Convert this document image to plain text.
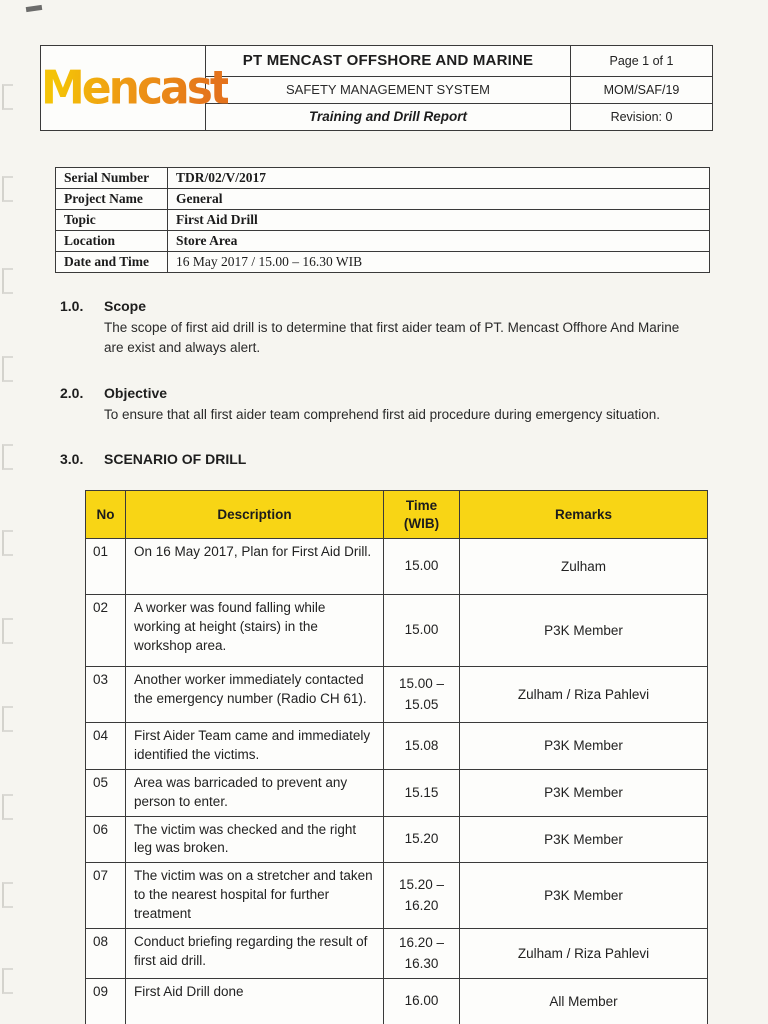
Mencast	PT MENCAST OFFSHORE AND MARINE	Page 1 of 1
	SAFETY MANAGEMENT SYSTEM	MOM/SAF/19
	Training and Drill Report	Revision: 0
Serial Number	TDR/02/V/2017
Project Name	General
Topic	First Aid Drill
Location	Store Area
Date and Time	16 May 2017 / 15.00 – 16.30 WIB
1.0.	Scope

The scope of first aid drill is to determine that first aider team of PT. Mencast Offhore And Marine are exist and always alert.

2.0.	Objective

To ensure that all first aider team comprehend first aid procedure during emergency situation.

3.0.	SCENARIO OF DRILL
No	Description	Time (WIB)	Remarks
01	On 16 May 2017, Plan for First Aid Drill.	15.00	Zulham
02	A worker was found falling while working at height (stairs) in the workshop area.	15.00	P3K Member
03	Another worker immediately contacted the emergency number (Radio CH 61).	15.00 – 15.05	Zulham / Riza Pahlevi
04	First Aider Team came and immediately identified the victims.	15.08	P3K Member
05	Area was barricaded to prevent any person to enter.	15.15	P3K Member
06	The victim was checked and the right leg was broken.	15.20	P3K Member
07	The victim was on a stretcher and taken to the nearest hospital for further treatment	15.20 – 16.20	P3K Member
08	Conduct briefing regarding the result of first aid drill.	16.20 – 16.30	Zulham / Riza Pahlevi
09	First Aid Drill done	16.00	All Member
